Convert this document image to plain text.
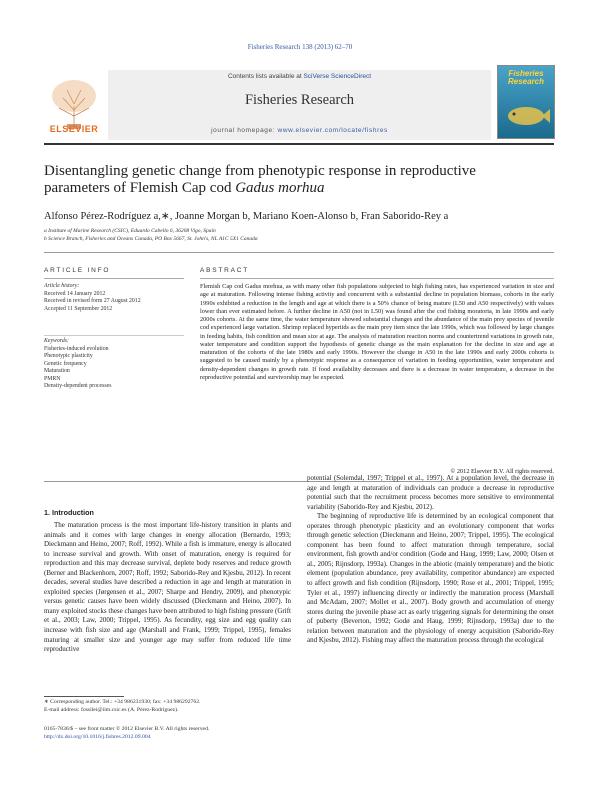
Fisheries Research 138 (2013) 62–70
Contents lists available at SciVerse ScienceDirect
Fisheries Research
journal homepage: www.elsevier.com/locate/fishres
ELSEVIER
Fisheries Research
Disentangling genetic change from phenotypic response in reproductive
parameters of Flemish Cap cod Gadus morhua
Alfonso Pérez-Rodríguez a,∗, Joanne Morgan b, Mariano Koen-Alonso b, Fran Saborido-Rey a
a Institute of Marine Research (CSIC), Eduardo Cabello 6, 36208 Vigo, Spain
b Science Branch, Fisheries and Oceans Canada, PO Box 5667, St. John's, NL A1C 5X1 Canada
ARTICLE INFO	ABSTRACT
Article history:
Received 14 January 2012
Received in revised form 27 August 2012
Accepted 11 September 2012
Keywords:
Fisheries-induced evolution
Phenotypic plasticity
Genetic frequency
Maturation
PMRN
Density-dependent processes
Flemish Cap cod Gadus morhua, as with many other fish populations subjected to high fishing rates, has experienced variation in size and age at maturation. Following intense fishing activity and concurrent with a substantial decline in population biomass, cohorts in the early 1990s exhibited a reduction in the length and age at which there is a 50% chance of being mature (L50 and A50 respectively) with values lower than ever estimated before. A further decline in A50 (not in L50) was found after the cod fishing moratoria, in late 1990s and early 2000s cohorts. At the same time, the water temperature showed substantial changes and the abundance of the main prey species of juvenile cod experienced large variation. Shrimp replaced hyperiids as the main prey item since the late 1990s, which was followed by large changes in feeding habits, fish condition and mean size at age. The analysis of maturation reaction norms and countertrend variations in growth rate, water temperature and condition support the hypothesis of genetic change as the main explanation for the decline in size and age at maturation of the cohorts of the late 1980s and early 1990s. However the change in A50 in the late 1990s and early 2000s cohorts is suggested to be caused mainly by a phenotypic response as a consequence of variation in feeding opportunities, water temperature and density-dependent changes in growth rate. If food availability decreases and there is a decrease in water temperature, a decrease in the reproductive potential and survivorship may be expected.
© 2012 Elsevier B.V. All rights reserved.
1. Introduction
The maturation process is the most important life-history transition in plants and animals and it comes with large changes in energy allocation (Bernardo, 1993; Dieckmann and Heino, 2007; Roff, 1992). While a fish is immature, energy is allocated to increase survival and growth. With onset of maturation, energy is required for reproduction and this may decrease survival, deplete body reserves and reduce growth (Berner and Blackenhorn, 2007; Roff, 1992; Saborido-Rey and Kjesbu, 2012). In recent decades, several studies have described a reduction in age and length at maturation in exploited species (Jørgensen et al., 2007; Sharpe and Hendry, 2009), and phenotypic versus genetic causes have been widely discussed (Dieckmann and Heino, 2007). In many exploited stocks these changes have been attributed to high fishing pressure (Grift et al., 2003; Law, 2000; Trippel, 1995). As fecundity, egg size and egg quality can increase with fish size and age (Marshall and Frank, 1999; Trippel, 1995), females maturing at smaller size and younger age may suffer from reduced life time reproductive
potential (Solemdal, 1997; Trippel et al., 1997). At a population level, the decrease in age and length at maturation of individuals can produce a decrease in reproductive potential such that the recruitment process becomes more sensitive to environmental variability (Saborido-Rey and Kjesbu, 2012).
The beginning of reproductive life is determined by an ecological component that operates through phenotypic plasticity and an evolutionary component that works through genetic selection (Dieckmann and Heino, 2007; Trippel, 1995). The ecological component has been found to affect maturation through temperature, social environment, fish growth and/or condition (Godø and Haug, 1999; Law, 2000; Olsen et al., 2005; Rijnsdorp, 1993a). Changes in the abiotic (mainly temperature) and the biotic element (population abundance, prey availability, competitor abundance) are expected to affect growth and fish condition (Rijnsdorp, 1990; Rose et al., 2001; Trippel, 1995; Tyler et al., 1997) influencing directly or indirectly the maturation process (Marshall and McAdam, 2007; Mollet et al., 2007). Body growth and accumulation of energy stores during the juvenile phase act as early triggering signals for determining the onset of puberty (Beverton, 1992; Godø and Haug, 1999; Rijnsdorp, 1993a) due to the relation between maturation and the physiology of energy acquisition (Saborido-Rey and Kjesbu, 2012). Fishing may affect the maturation process through the ecological
∗ Corresponding author. Tel.: +34 986231930; fax: +34 986292762.
E-mail address: fossilei@iim.csic.es (A. Pérez-Rodríguez).
0165-7836/$ – see front matter © 2012 Elsevier B.V. All rights reserved.
http://dx.doi.org/10.1016/j.fishres.2012.09.004
